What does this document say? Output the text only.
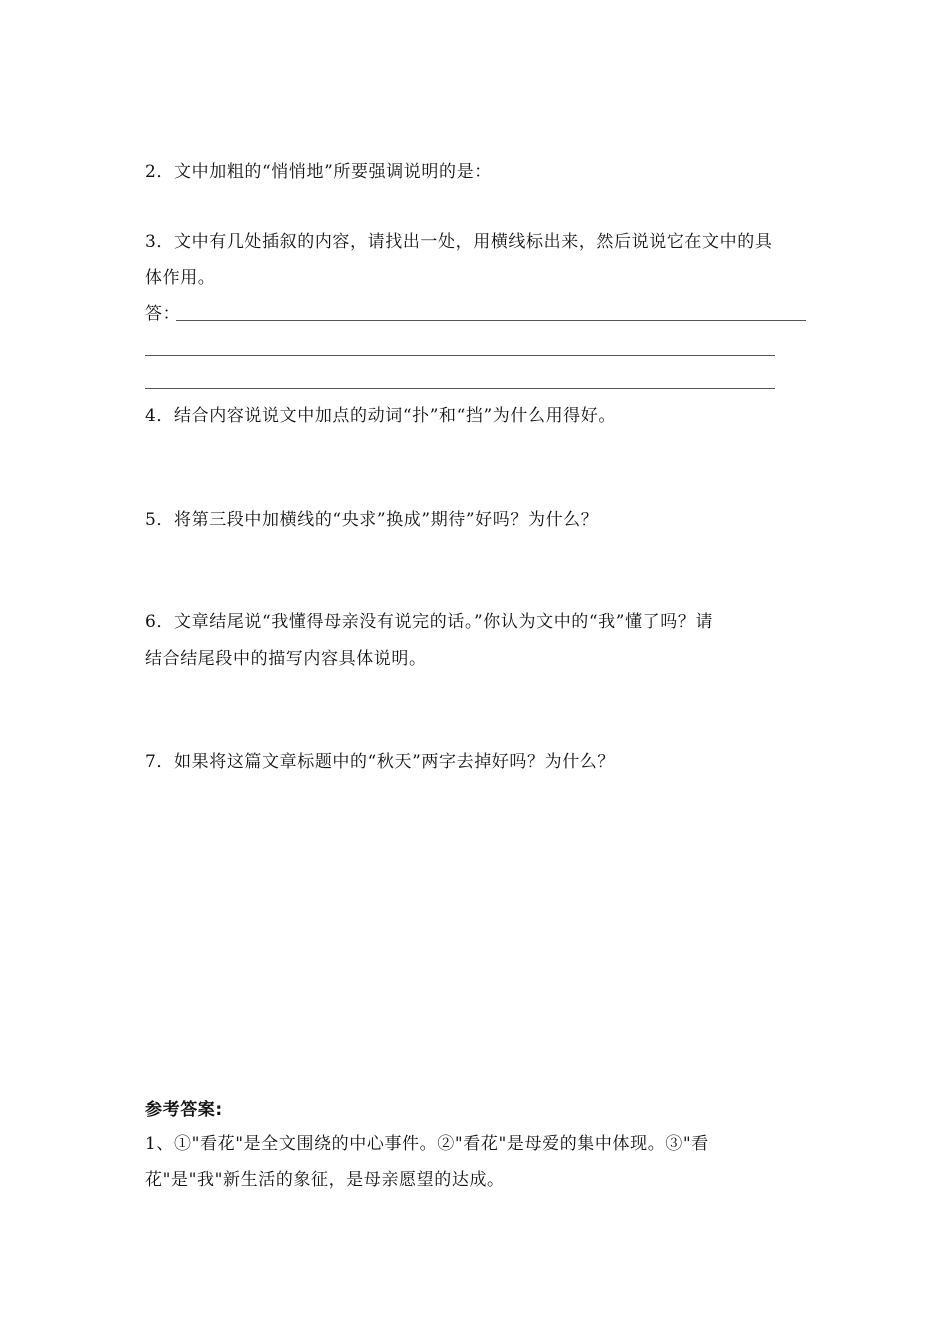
2．文中加粗的“悄悄地”所要强调说明的是：
3．文中有几处插叙的内容，请找出一处，用横线标出来，然后说说它在文中的具
体作用。
答：
4．结合内容说说文中加点的动词“扑”和“挡”为什么用得好。
5．将第三段中加横线的“央求”换成”期待”好吗？为什么？
6．文章结尾说“我懂得母亲没有说完的话。”你认为文中的“我”懂了吗？请
结合结尾段中的描写内容具体说明。
7．如果将这篇文章标题中的“秋天”两字去掉好吗？为什么？
参考答案:
1、①"看花"是全文围绕的中心事件。②"看花"是母爱的集中体现。③"看
花"是"我"新生活的象征，是母亲愿望的达成。
